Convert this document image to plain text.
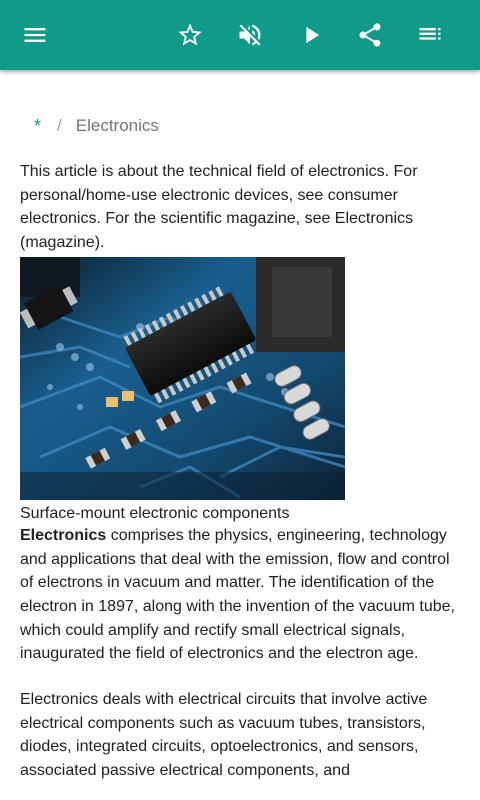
* / Electronics

This article is about the technical field of electronics. For personal/home-use electronic devices, see consumer electronics. For the scientific magazine, see Electronics (magazine).

Surface-mount electronic components

Electronics comprises the physics, engineering, technology and applications that deal with the emission, flow and control of electrons in vacuum and matter. The identification of the electron in 1897, along with the invention of the vacuum tube, which could amplify and rectify small electrical signals, inaugurated the field of electronics and the electron age.

Electronics deals with electrical circuits that involve active electrical components such as vacuum tubes, transistors, diodes, integrated circuits, optoelectronics, and sensors, associated passive electrical components, and
